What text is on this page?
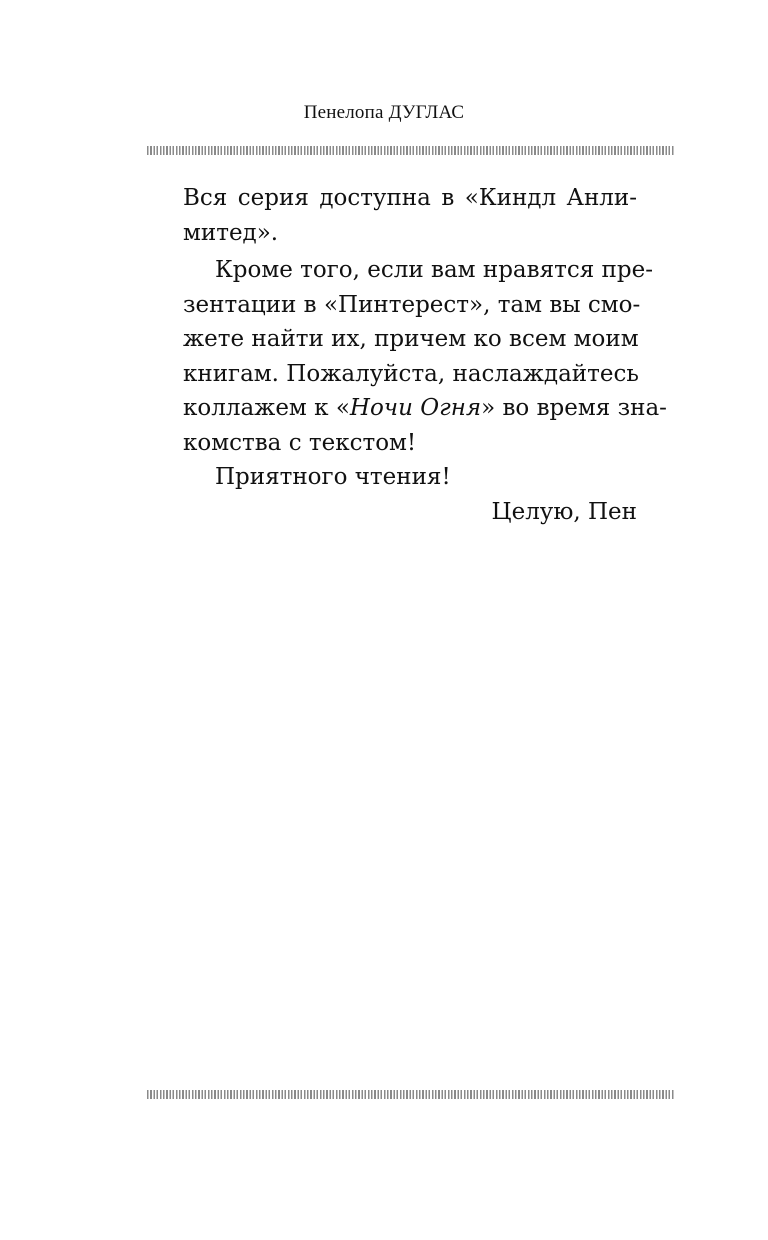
Пенелопа ДУГЛАС
Вся серия доступна в «Киндл Анли-
митед».
Кроме того, если вам нравятся пре-
зентации в «Пинтерест», там вы смо-
жете найти их, причем ко всем моим
книгам. Пожалуйста, наслаждайтесь
коллажем к «Ночи Огня» во время зна-
комства с текстом!
Приятного чтения!
Целую, Пен
